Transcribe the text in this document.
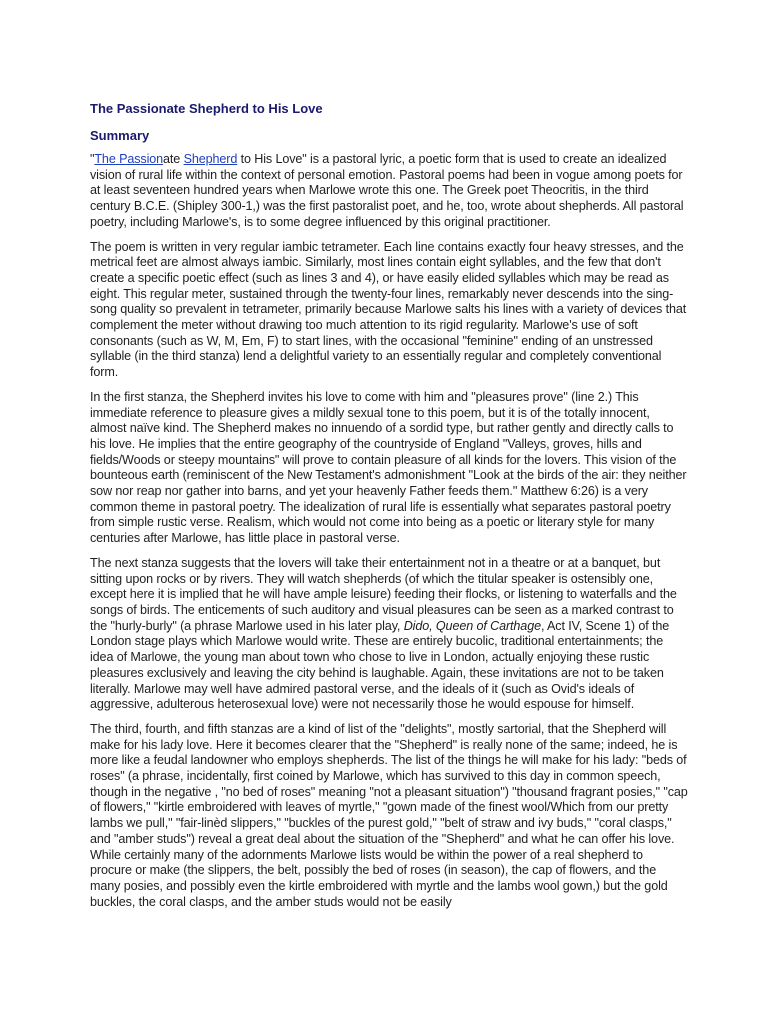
The Passionate Shepherd to His Love
Summary

"The Passionate Shepherd to His Love" is a pastoral lyric, a poetic form that is used to create an idealized vision of rural life within the context of personal emotion. Pastoral poems had been in vogue among poets for at least seventeen hundred years when Marlowe wrote this one. The Greek poet Theocritis, in the third century B.C.E. (Shipley 300-1,) was the first pastoralist poet, and he, too, wrote about shepherds. All pastoral poetry, including Marlowe's, is to some degree influenced by this original practitioner.

The poem is written in very regular iambic tetrameter. Each line contains exactly four heavy stresses, and the metrical feet are almost always iambic. Similarly, most lines contain eight syllables, and the few that don't create a specific poetic effect (such as lines 3 and 4), or have easily elided syllables which may be read as eight. This regular meter, sustained through the twenty-four lines, remarkably never descends into the sing-song quality so prevalent in tetrameter, primarily because Marlowe salts his lines with a variety of devices that complement the meter without drawing too much attention to its rigid regularity. Marlowe's use of soft consonants (such as W, M, Em, F) to start lines, with the occasional "feminine" ending of an unstressed syllable (in the third stanza) lend a delightful variety to an essentially regular and completely conventional form.

In the first stanza, the Shepherd invites his love to come with him and "pleasures prove" (line 2.) This immediate reference to pleasure gives a mildly sexual tone to this poem, but it is of the totally innocent, almost naïve kind. The Shepherd makes no innuendo of a sordid type, but rather gently and directly calls to his love. He implies that the entire geography of the countryside of England "Valleys, groves, hills and fields/Woods or steepy mountains" will prove to contain pleasure of all kinds for the lovers. This vision of the bounteous earth (reminiscent of the New Testament's admonishment "Look at the birds of the air: they neither sow nor reap nor gather into barns, and yet your heavenly Father feeds them." Matthew 6:26) is a very common theme in pastoral poetry. The idealization of rural life is essentially what separates pastoral poetry from simple rustic verse. Realism, which would not come into being as a poetic or literary style for many centuries after Marlowe, has little place in pastoral verse.

The next stanza suggests that the lovers will take their entertainment not in a theatre or at a banquet, but sitting upon rocks or by rivers. They will watch shepherds (of which the titular speaker is ostensibly one, except here it is implied that he will have ample leisure) feeding their flocks, or listening to waterfalls and the songs of birds. The enticements of such auditory and visual pleasures can be seen as a marked contrast to the "hurly-burly" (a phrase Marlowe used in his later play, Dido, Queen of Carthage, Act IV, Scene 1) of the London stage plays which Marlowe would write. These are entirely bucolic, traditional entertainments; the idea of Marlowe, the young man about town who chose to live in London, actually enjoying these rustic pleasures exclusively and leaving the city behind is laughable. Again, these invitations are not to be taken literally. Marlowe may well have admired pastoral verse, and the ideals of it (such as Ovid's ideals of aggressive, adulterous heterosexual love) were not necessarily those he would espouse for himself.

The third, fourth, and fifth stanzas are a kind of list of the "delights", mostly sartorial, that the Shepherd will make for his lady love. Here it becomes clearer that the "Shepherd" is really none of the same; indeed, he is more like a feudal landowner who employs shepherds. The list of the things he will make for his lady: "beds of roses" (a phrase, incidentally, first coined by Marlowe, which has survived to this day in common speech, though in the negative , "no bed of roses" meaning "not a pleasant situation") "thousand fragrant posies," "cap of flowers," "kirtle embroidered with leaves of myrtle," "gown made of the finest wool/Which from our pretty lambs we pull," "fair-linèd slippers," "buckles of the purest gold," "belt of straw and ivy buds," "coral clasps," and "amber studs") reveal a great deal about the situation of the "Shepherd" and what he can offer his love. While certainly many of the adornments Marlowe lists would be within the power of a real shepherd to procure or make (the slippers, the belt, possibly the bed of roses (in season), the cap of flowers, and the many posies, and possibly even the kirtle embroidered with myrtle and the lambs wool gown,) but the gold buckles, the coral clasps, and the amber studs would not be easily
